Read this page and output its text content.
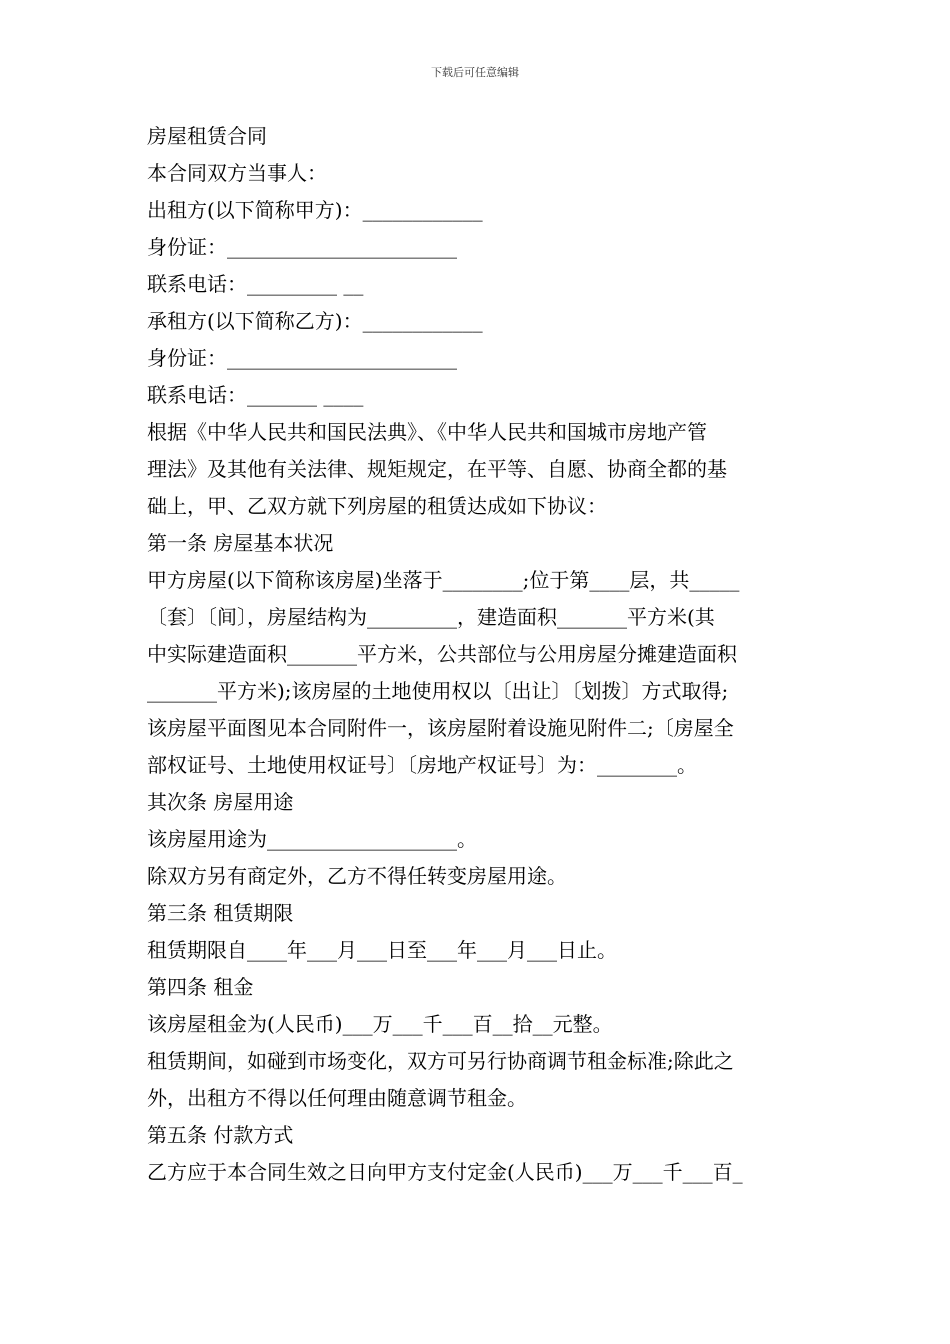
下载后可任意编辑
房屋租赁合同
本合同双方当事人：
出租方(以下简称甲方)：____________
身份证：_______________________
联系电话：_________ __
承租方(以下简称乙方)：____________
身份证：_______________________
联系电话：_______ ____
根据《中华人民共和国民法典》、《中华人民共和国城市房地产管
理法》及其他有关法律、规矩规定，在平等、自愿、协商全都的基
础上，甲、乙双方就下列房屋的租赁达成如下协议：
第一条 房屋基本状况
甲方房屋(以下简称该房屋)坐落于________;位于第____层，共_____
〔套〕〔间〕，房屋结构为_________，建造面积_______平方米(其
中实际建造面积_______平方米，公共部位与公用房屋分摊建造面积
_______平方米);该房屋的土地使用权以〔出让〕〔划拨〕方式取得;
该房屋平面图见本合同附件一，该房屋附着设施见附件二;〔房屋全
部权证号、土地使用权证号〕〔房地产权证号〕为：________。
其次条 房屋用途
该房屋用途为___________________。
除双方另有商定外，乙方不得任转变房屋用途。
第三条 租赁期限
租赁期限自____年___月___日至___年___月___日止。
第四条 租金
该房屋租金为(人民币)___万___千___百__拾__元整。
租赁期间，如碰到市场变化，双方可另行协商调节租金标准;除此之
外，出租方不得以任何理由随意调节租金。
第五条 付款方式
乙方应于本合同生效之日向甲方支付定金(人民币)___万___千___百_
